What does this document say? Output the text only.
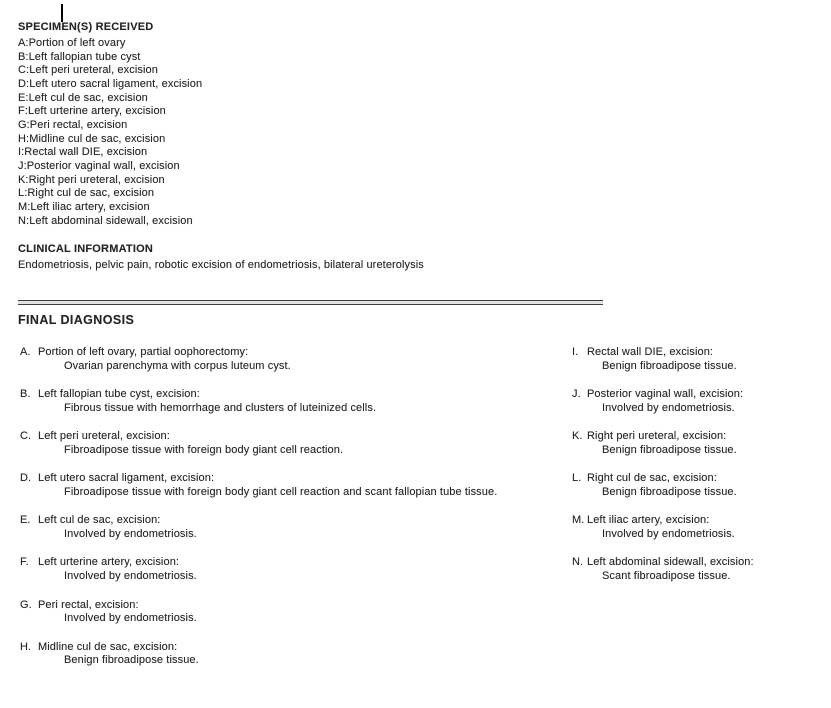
SPECIMEN(S) RECEIVED
A:Portion of left ovary
B:Left fallopian tube cyst
C:Left peri ureteral, excision
D:Left utero sacral ligament, excision
E:Left cul de sac, excision
F:Left urterine artery, excision
G:Peri rectal, excision
H:Midline cul de sac, excision
I:Rectal wall DIE, excision
J:Posterior vaginal wall, excision
K:Right peri ureteral, excision
L:Right cul de sac, excision
M:Left iliac artery, excision
N:Left abdominal sidewall, excision
CLINICAL INFORMATION
Endometriosis, pelvic pain, robotic excision of endometriosis, bilateral ureterolysis
FINAL DIAGNOSIS
A. Portion of left ovary, partial oophorectomy:
Ovarian parenchyma with corpus luteum cyst.
B. Left fallopian tube cyst, excision:
Fibrous tissue with hemorrhage and clusters of luteinized cells.
C. Left peri ureteral, excision:
Fibroadipose tissue with foreign body giant cell reaction.
D. Left utero sacral ligament, excision:
Fibroadipose tissue with foreign body giant cell reaction and scant fallopian tube tissue.
E. Left cul de sac, excision:
Involved by endometriosis.
F. Left urterine artery, excision:
Involved by endometriosis.
G. Peri rectal, excision:
Involved by endometriosis.
H. Midline cul de sac, excision:
Benign fibroadipose tissue.
I. Rectal wall DIE, excision:
Benign fibroadipose tissue.
J. Posterior vaginal wall, excision:
Involved by endometriosis.
K. Right peri ureteral, excision:
Benign fibroadipose tissue.
L. Right cul de sac, excision:
Benign fibroadipose tissue.
M. Left iliac artery, excision:
Involved by endometriosis.
N. Left abdominal sidewall, excision:
Scant fibroadipose tissue.
